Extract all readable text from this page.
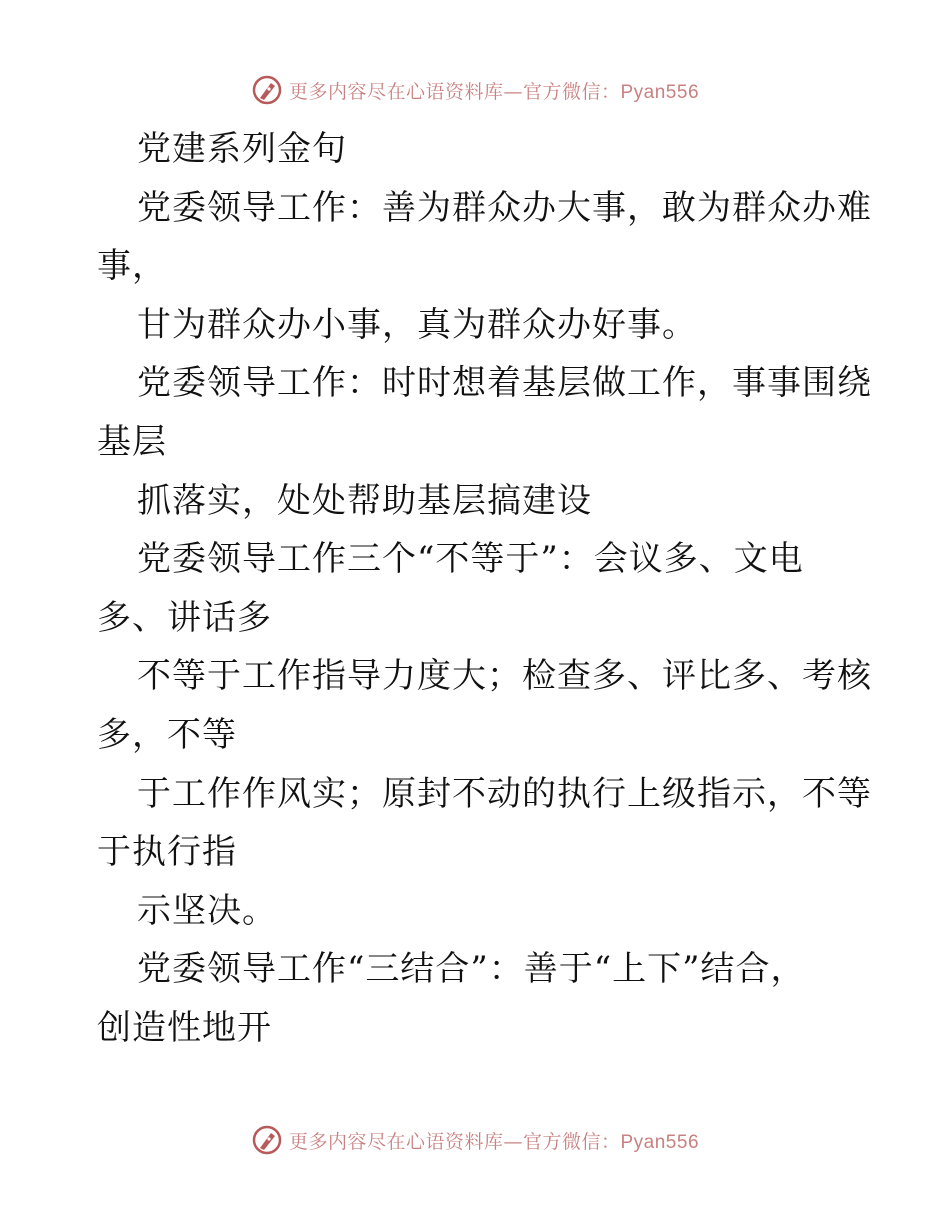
更多内容尽在心语资料库—官方微信：Pyan556
党建系列金句
党委领导工作：善为群众办大事，敢为群众办难
事，
甘为群众办小事，真为群众办好事。
党委领导工作：时时想着基层做工作，事事围绕
基层
抓落实，处处帮助基层搞建设
党委领导工作三个“不等于”：会议多、文电
多、讲话多
不等于工作指导力度大；检查多、评比多、考核
多，不等
于工作作风实；原封不动的执行上级指示，不等
于执行指
示坚决。
党委领导工作“三结合”：善于“上下”结合，
创造性地开
更多内容尽在心语资料库—官方微信：Pyan556
